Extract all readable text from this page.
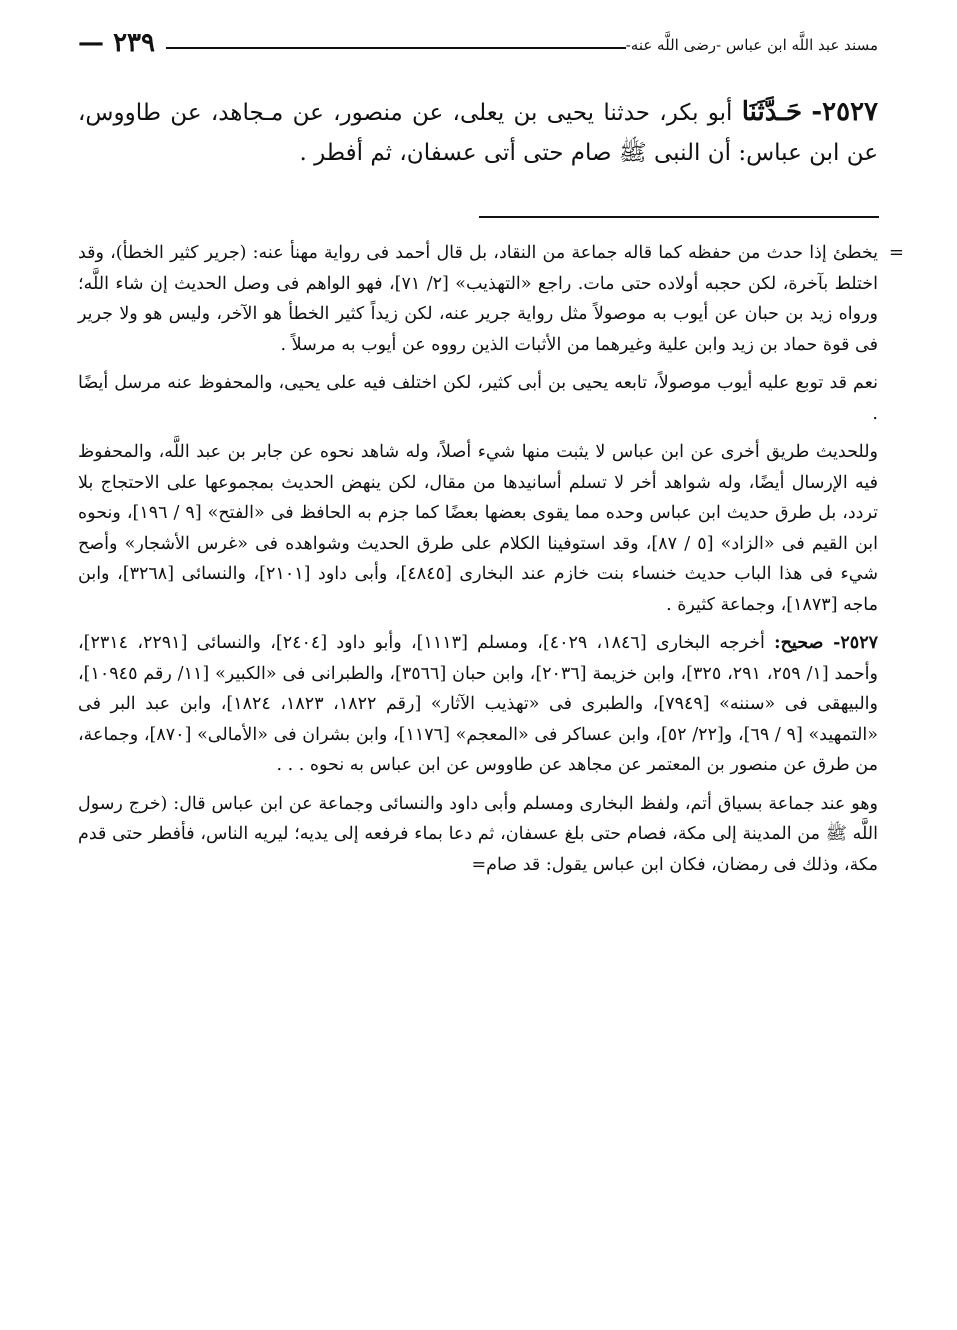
مسند عبد اللَّه ابن عباس -رضى اللَّه عنه-
— ٢٣٩
٢٥٢٧- حَـدَّثَنَا أبو بكر، حدثنا يحيى بن يعلى، عن منصور، عن مـجاهد، عن طاووس، عن ابن عباس: أن النبى ﷺ صام حتى أتى عسفان، ثم أفطر .

=
يخطئ إذا حدث من حفظه كما قاله جماعة من النقاد، بل قال أحمد فى رواية مهنأ عنه: (جرير كثير الخطأ)، وقد اختلط بآخرة، لكن حجبه أولاده حتى مات. راجع «التهذيب» [٢/ ٧١]، فهو الواهم فى وصل الحديث إن شاء اللَّه؛ ورواه زيد بن حبان عن أيوب به موصولاً مثل رواية جرير عنه، لكن زيداً كثير الخطأ هو الآخر، وليس هو ولا جرير فى قوة حماد بن زيد وابن علية وغيرهما من الأثبات الذين رووه عن أيوب به مرسلاً .

نعم قد توبع عليه أيوب موصولاً، تابعه يحيى بن أبى كثير، لكن اختلف فيه على يحيى، والمحفوظ عنه مرسل أيضًا .

وللحديث طريق أخرى عن ابن عباس لا يثبت منها شيء أصلاً، وله شاهد نحوه عن جابر بن عبد اللَّه، والمحفوظ فيه الإرسال أيضًا، وله شواهد أخر لا تسلم أسانيدها من مقال، لكن ينهض الحديث بمجموعها على الاحتجاج بلا تردد، بل طرق حديث ابن عباس وحده مما يقوى بعضها بعضًا كما جزم به الحافظ فى «الفتح» [٩ / ١٩٦]، ونحوه ابن القيم فى «الزاد» [٥ / ٨٧]، وقد استوفينا الكلام على طرق الحديث وشواهده فى «غرس الأشجار» وأصح شيء فى هذا الباب حديث خنساء بنت خازم عند البخارى [٤٨٤٥]، وأبى داود [٢١٠١]، والنسائى [٣٢٦٨]، وابن ماجه [١٨٧٣]، وجماعة كثيرة .

٢٥٢٧- صحيح: أخرجه البخارى [١٨٤٦، ٤٠٢٩]، ومسلم [١١١٣]، وأبو داود [٢٤٠٤]، والنسائى [٢٢٩١، ٢٣١٤]، وأحمد [١/ ٢٥٩، ٢٩١، ٣٢٥]، وابن خزيمة [٢٠٣٦]، وابن حبان [٣٥٦٦]، والطبرانى فى «الكبير» [١١/ رقم ١٠٩٤٥]، والبيهقى فى «سننه» [٧٩٤٩]، والطبرى فى «تهذيب الآثار» [رقم ١٨٢٢، ١٨٢٣، ١٨٢٤]، وابن عبد البر فى «التمهيد» [٩ / ٦٩]، و[٢٢/ ٥٢]، وابن عساكر فى «المعجم» [١١٧٦]، وابن بشران فى «الأمالى» [٨٧٠]، وجماعة، من طرق عن منصور بن المعتمر عن مجاهد عن طاووس عن ابن عباس به نحوه . . .

وهو عند جماعة بسياق أتم، ولفظ البخارى ومسلم وأبى داود والنسائى وجماعة عن ابن عباس قال: (خرج رسول اللَّه ﷺ من المدينة إلى مكة، فصام حتى بلغ عسفان، ثم دعا بماء فرفعه إلى يديه؛ ليريه الناس، فأفطر حتى قدم مكة، وذلك فى رمضان، فكان ابن عباس يقول: قد صام=
